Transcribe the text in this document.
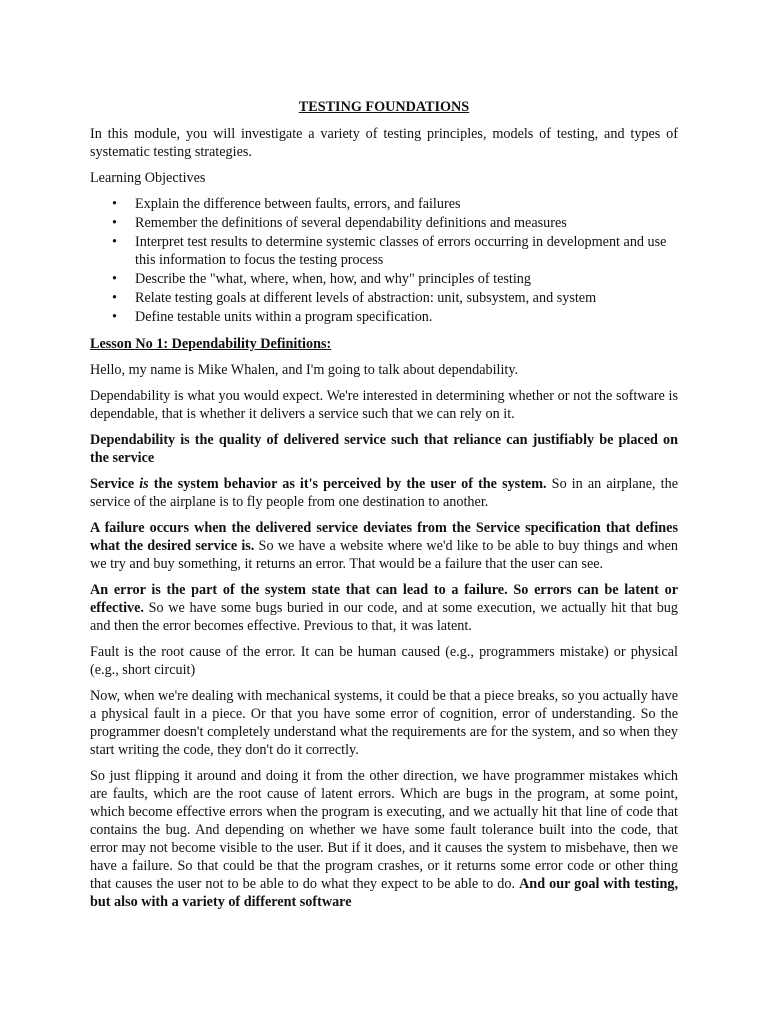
TESTING FOUNDATIONS

In this module, you will investigate a variety of testing principles, models of testing, and types of systematic testing strategies.

Learning Objectives

• Explain the difference between faults, errors, and failures
• Remember the definitions of several dependability definitions and measures
• Interpret test results to determine systemic classes of errors occurring in development and use this information to focus the testing process
• Describe the "what, where, when, how, and why" principles of testing
• Relate testing goals at different levels of abstraction: unit, subsystem, and system
• Define testable units within a program specification.
Lesson No 1: Dependability Definitions:

Hello, my name is Mike Whalen, and I'm going to talk about dependability.

Dependability is what you would expect. We're interested in determining whether or not the software is dependable, that is whether it delivers a service such that we can rely on it.

Dependability is the quality of delivered service such that reliance can justifiably be placed on the service

Service is the system behavior as it's perceived by the user of the system. So in an airplane, the service of the airplane is to fly people from one destination to another.

A failure occurs when the delivered service deviates from the Service specification that defines what the desired service is. So we have a website where we'd like to be able to buy things and when we try and buy something, it returns an error. That would be a failure that the user can see.

An error is the part of the system state that can lead to a failure. So errors can be latent or effective. So we have some bugs buried in our code, and at some execution, we actually hit that bug and then the error becomes effective. Previous to that, it was latent.

Fault is the root cause of the error. It can be human caused (e.g., programmers mistake) or physical (e.g., short circuit)

Now, when we're dealing with mechanical systems, it could be that a piece breaks, so you actually have a physical fault in a piece. Or that you have some error of cognition, error of understanding. So the programmer doesn't completely understand what the requirements are for the system, and so when they start writing the code, they don't do it correctly.

So just flipping it around and doing it from the other direction, we have programmer mistakes which are faults, which are the root cause of latent errors. Which are bugs in the program, at some point, which become effective errors when the program is executing, and we actually hit that line of code that contains the bug. And depending on whether we have some fault tolerance built into the code, that error may not become visible to the user. But if it does, and it causes the system to misbehave, then we have a failure. So that could be that the program crashes, or it returns some error code or other thing that causes the user not to be able to do what they expect to be able to do. And our goal with testing, but also with a variety of different software
